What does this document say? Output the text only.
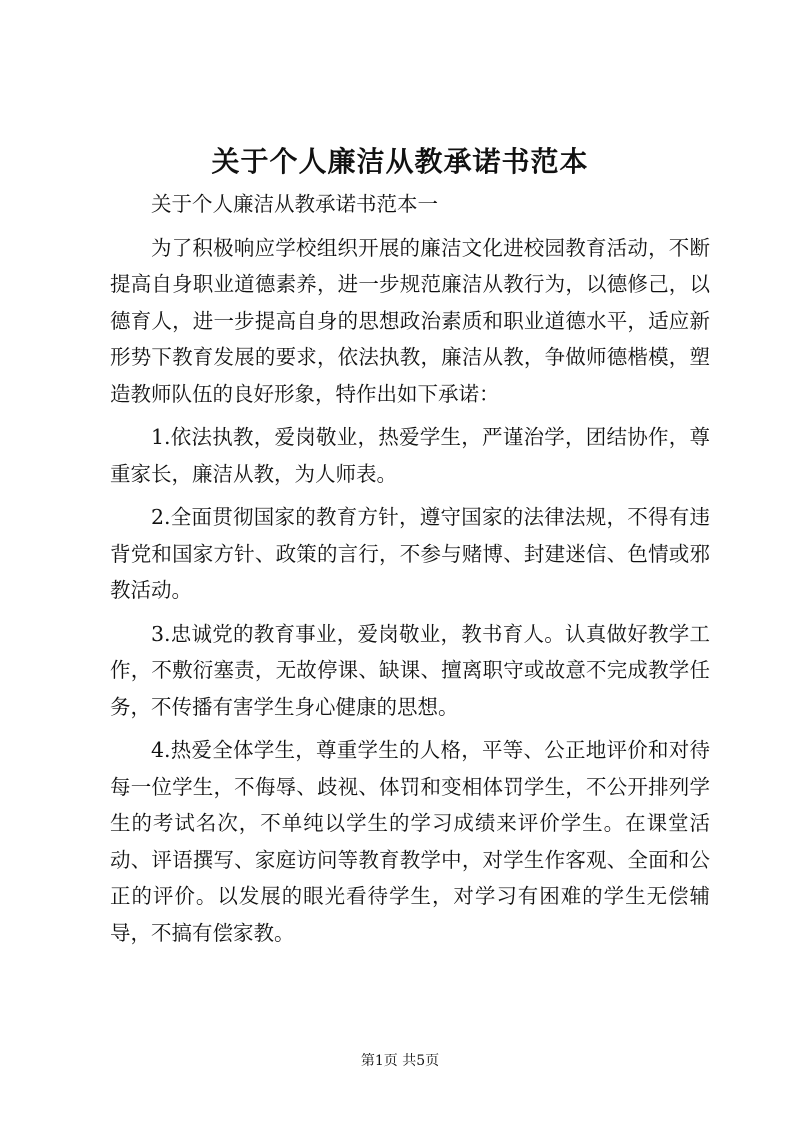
关于个人廉洁从教承诺书范本

关于个人廉洁从教承诺书范本一

为了积极响应学校组织开展的廉洁文化进校园教育活动，不断提高自身职业道德素养，进一步规范廉洁从教行为，以德修己，以德育人，进一步提高自身的思想政治素质和职业道德水平，适应新形势下教育发展的要求，依法执教，廉洁从教，争做师德楷模，塑造教师队伍的良好形象，特作出如下承诺：

1.依法执教，爱岗敬业，热爱学生，严谨治学，团结协作，尊重家长，廉洁从教，为人师表。

2.全面贯彻国家的教育方针，遵守国家的法律法规，不得有违背党和国家方针、政策的言行，不参与赌博、封建迷信、色情或邪教活动。

3.忠诚党的教育事业，爱岗敬业，教书育人。认真做好教学工作，不敷衍塞责，无故停课、缺课、擅离职守或故意不完成教学任务，不传播有害学生身心健康的思想。

4.热爱全体学生，尊重学生的人格，平等、公正地评价和对待每一位学生，不侮辱、歧视、体罚和变相体罚学生，不公开排列学生的考试名次，不单纯以学生的学习成绩来评价学生。在课堂活动、评语撰写、家庭访问等教育教学中，对学生作客观、全面和公正的评价。以发展的眼光看待学生，对学习有困难的学生无偿辅导，不搞有偿家教。

第1页 共5页
